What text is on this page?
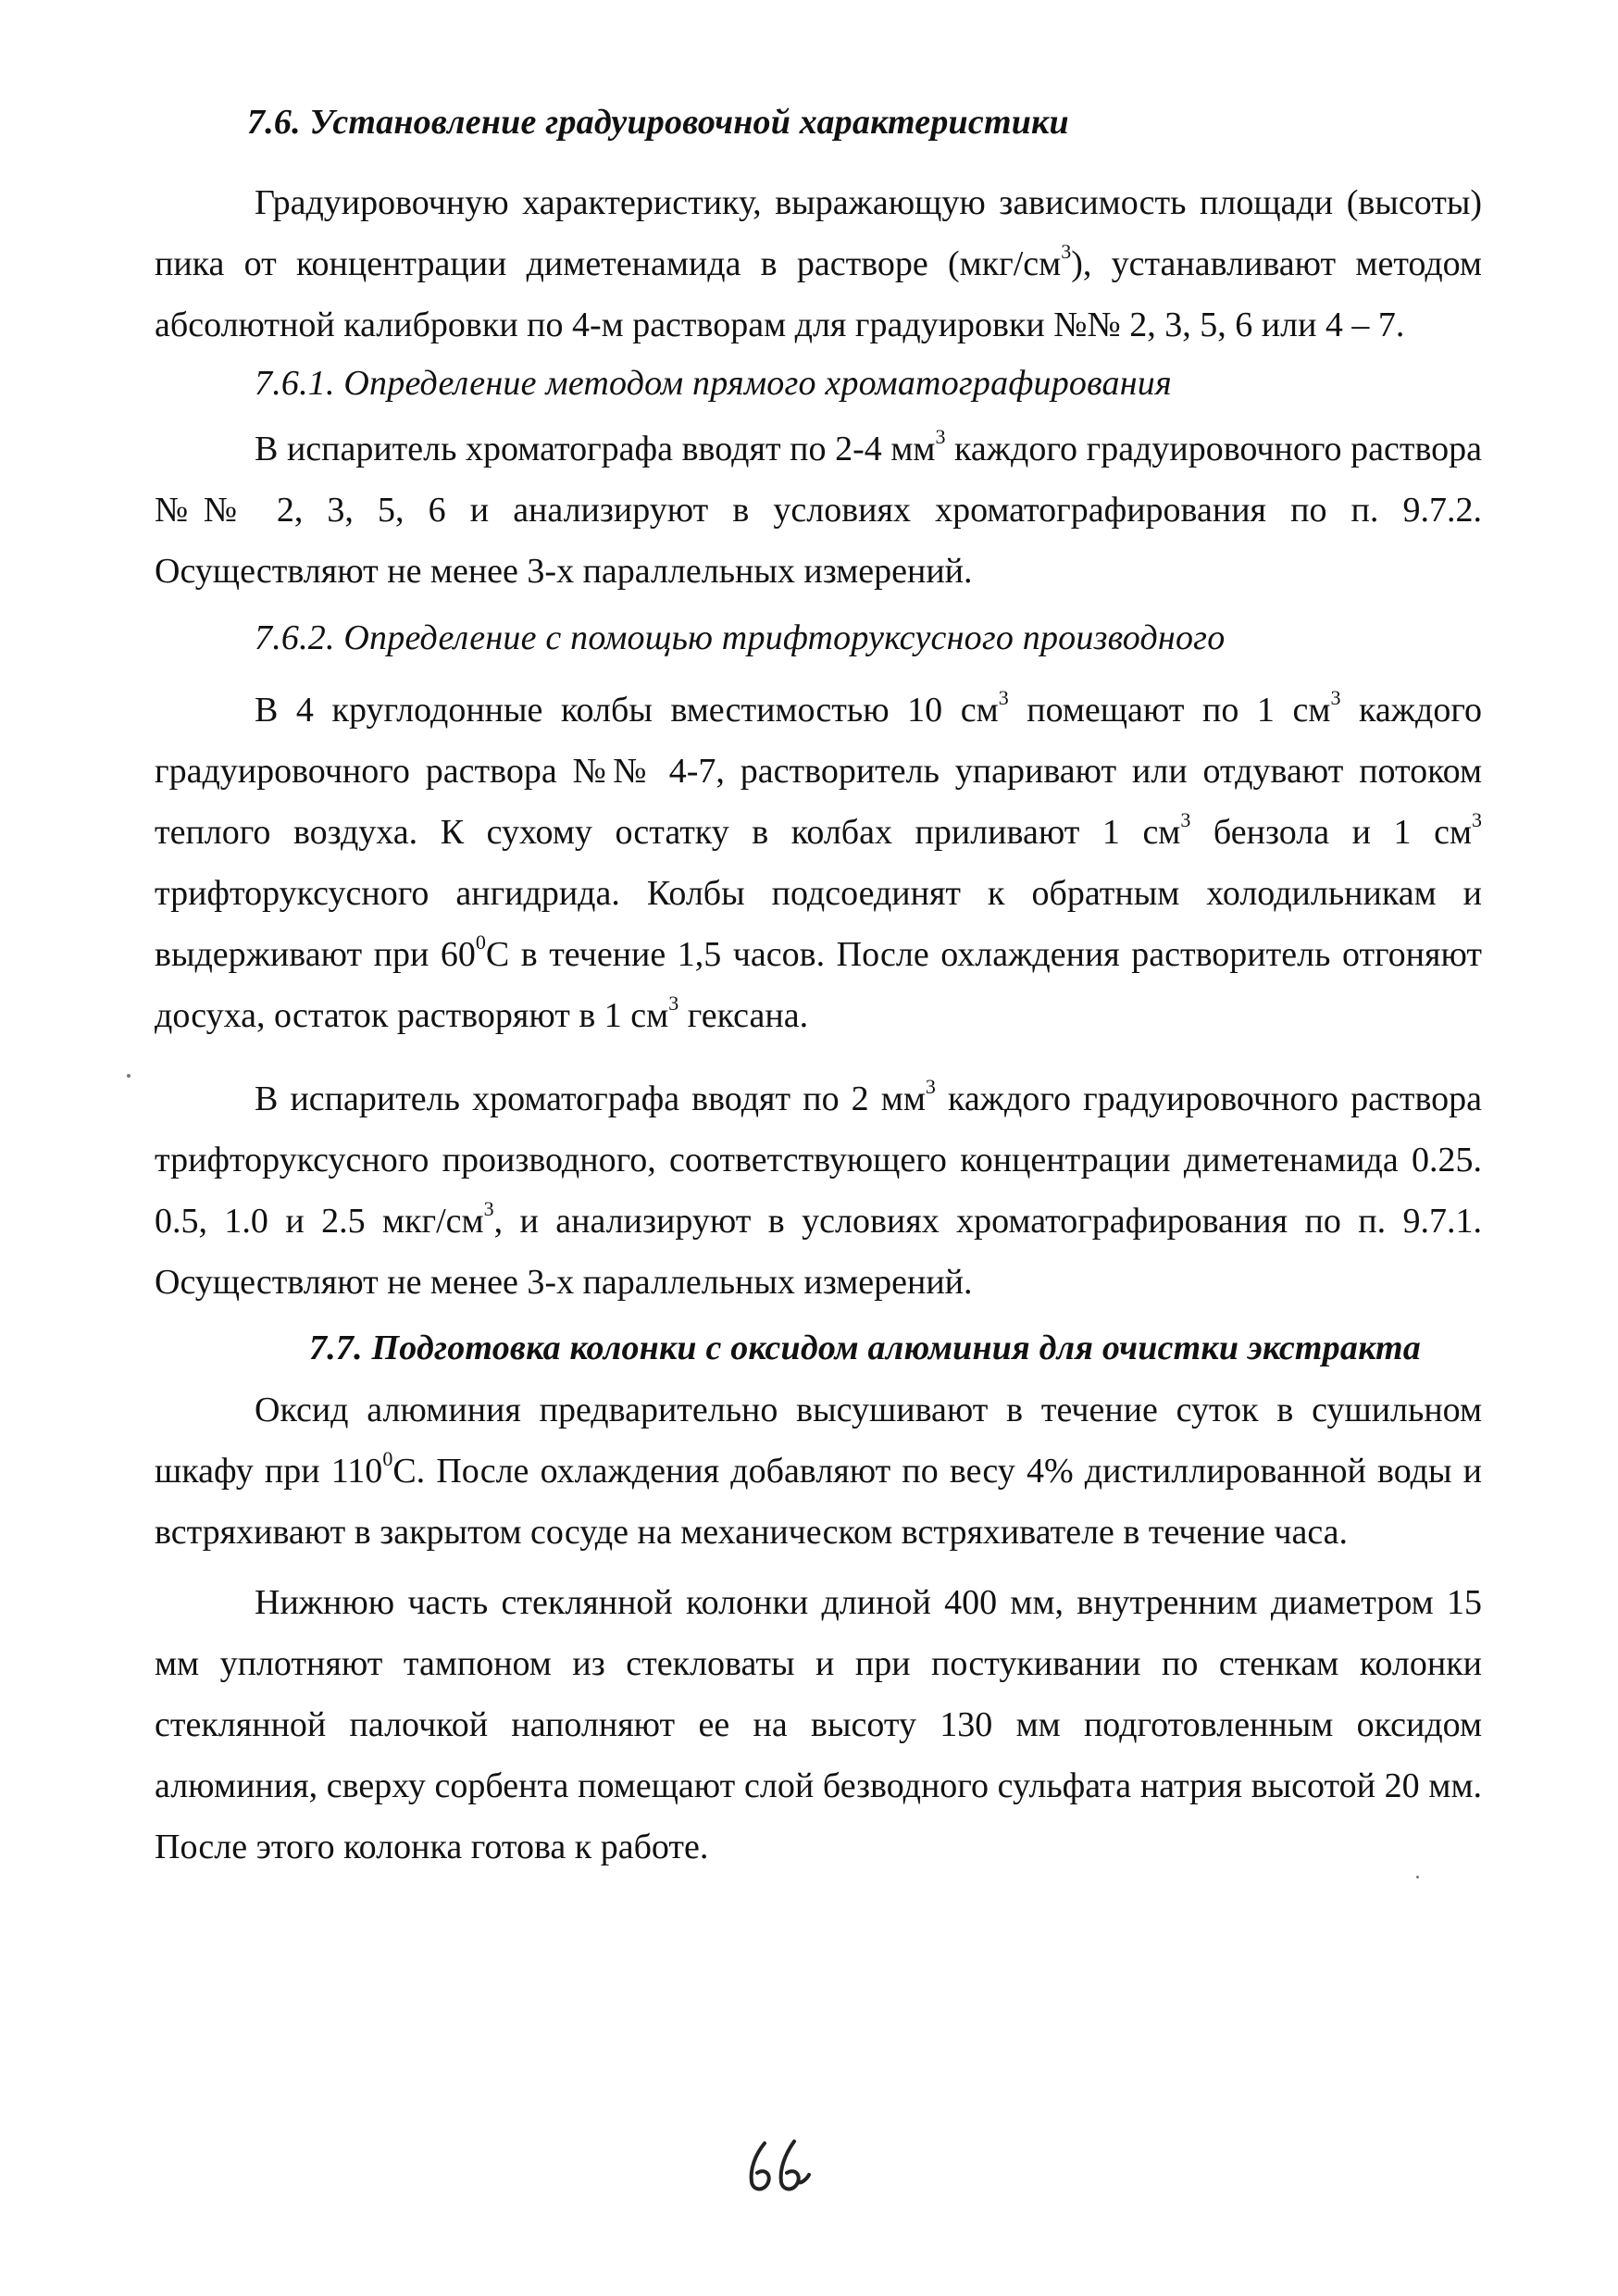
7.6. Установление градуировочной характеристики

Градуировочную характеристику, выражающую зависимость площади (высоты) пика от концентрации диметенамида в растворе $(мкг/см^3)$, устанавливают методом абсолютной калибровки по 4-м растворам для градуировки №№ 2, 3, 5, 6 или 4 – 7.

7.6.1. Определение методом прямого хроматографирования

В испаритель хроматографа вводят по 2-4 $мм^3$ каждого градуировочного раствора №№ 2, 3, 5, 6 и анализируют в условиях хроматографирования по п. 9.7.2. Осуществляют не менее 3-х параллельных измерений.

7.6.2. Определение с помощью трифторуксусного производного

В 4 круглодонные колбы вместимостью 10 $см^3$ помещают по 1 $см^3$ каждого градуировочного раствора №№ 4-7, растворитель упаривают или отдувают потоком теплого воздуха. К сухому остатку в колбах приливают 1 $см^3$ бензола и 1 $см^3$ трифторуксусного ангидрида. Колбы подсоединят к обратным холодильникам и выдерживают при $60^0С$ в течение 1,5 часов. После охлаждения растворитель отгоняют досуха, остаток растворяют в 1 $см^3$ гексана.

В испаритель хроматографа вводят по 2 $мм^3$ каждого градуировочного раствора трифторуксусного производного, соответствующего концентрации диметенамида 0.25. 0.5, 1.0 и 2.5 мкг/$см^3$, и анализируют в условиях хроматографирования по п. 9.7.1. Осуществляют не менее 3-х параллельных измерений.

7.7. Подготовка колонки с оксидом алюминия для очистки экстракта

Оксид алюминия предварительно высушивают в течение суток в сушильном шкафу при $110^0С$. После охлаждения добавляют по весу 4% дистиллированной воды и встряхивают в закрытом сосуде на механическом встряхивателе в течение часа.

Нижнюю часть стеклянной колонки длиной 400 мм, внутренним диаметром 15 мм уплотняют тампоном из стекловаты и при постукивании по стенкам колонки стеклянной палочкой наполняют ее на высоту 130 мм подготовленным оксидом алюминия, сверху сорбента помещают слой безводного сульфата натрия высотой 20 мм. После этого колонка готова к работе.
